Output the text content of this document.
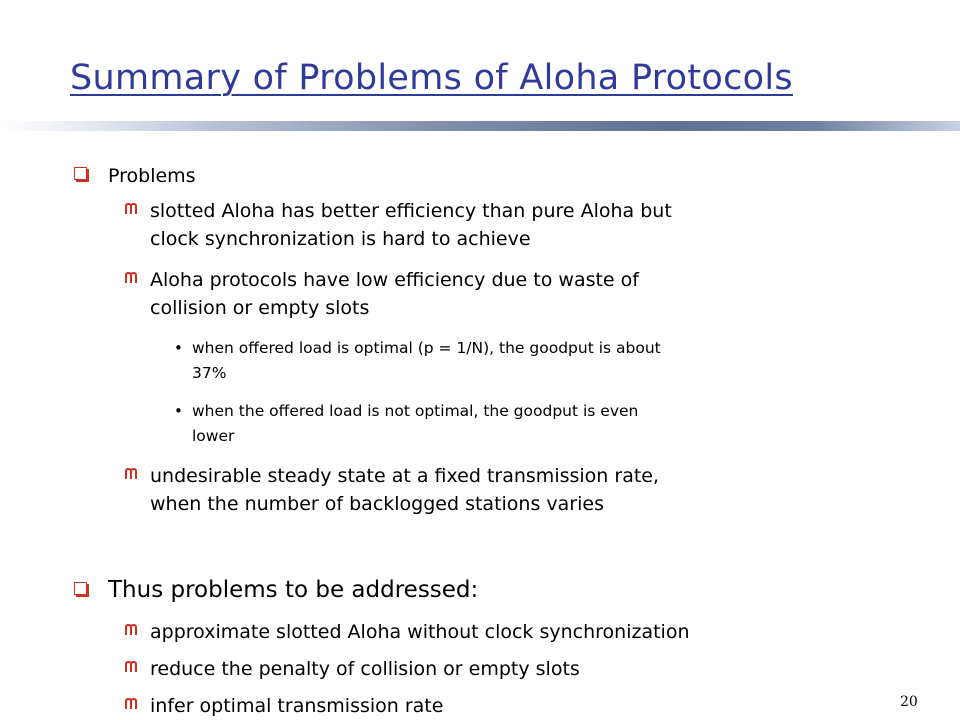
Summary of Problems of Aloha Protocols
Problems
slotted Aloha has better efficiency than pure Aloha but
clock synchronization is hard to achieve
Aloha protocols have low efficiency due to waste of
collision or empty slots
• when offered load is optimal (p = 1/N), the goodput is about
37%
• when the offered load is not optimal, the goodput is even
lower
undesirable steady state at a fixed transmission rate,
when the number of backlogged stations varies
Thus problems to be addressed:
approximate slotted Aloha without clock synchronization
reduce the penalty of collision or empty slots
infer optimal transmission rate	20
